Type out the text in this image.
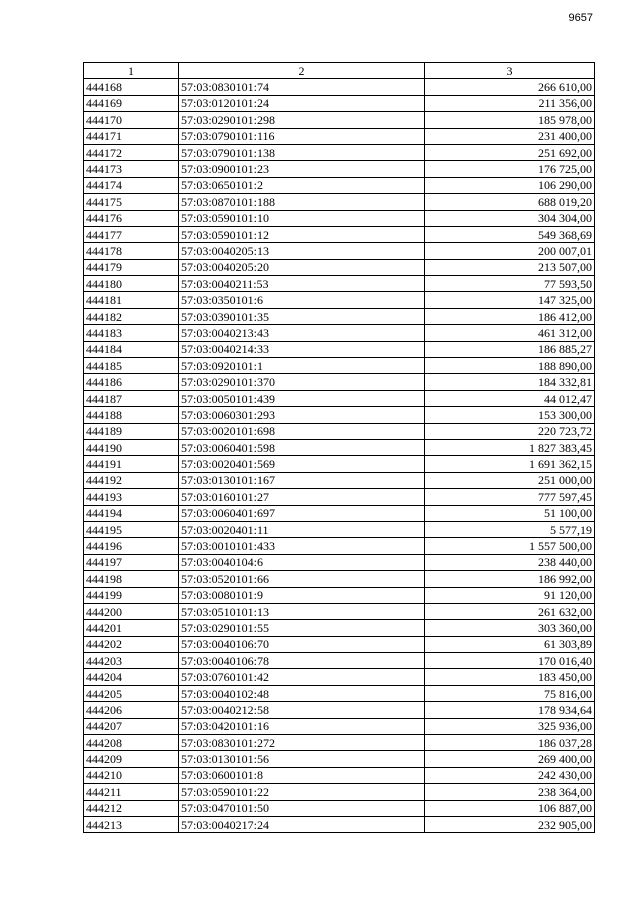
9657
1	2	3
444168	57:03:0830101:74	266 610,00
444169	57:03:0120101:24	211 356,00
444170	57:03:0290101:298	185 978,00
444171	57:03:0790101:116	231 400,00
444172	57:03:0790101:138	251 692,00
444173	57:03:0900101:23	176 725,00
444174	57:03:0650101:2	106 290,00
444175	57:03:0870101:188	688 019,20
444176	57:03:0590101:10	304 304,00
444177	57:03:0590101:12	549 368,69
444178	57:03:0040205:13	200 007,01
444179	57:03:0040205:20	213 507,00
444180	57:03:0040211:53	77 593,50
444181	57:03:0350101:6	147 325,00
444182	57:03:0390101:35	186 412,00
444183	57:03:0040213:43	461 312,00
444184	57:03:0040214:33	186 885,27
444185	57:03:0920101:1	188 890,00
444186	57:03:0290101:370	184 332,81
444187	57:03:0050101:439	44 012,47
444188	57:03:0060301:293	153 300,00
444189	57:03:0020101:698	220 723,72
444190	57:03:0060401:598	1 827 383,45
444191	57:03:0020401:569	1 691 362,15
444192	57:03:0130101:167	251 000,00
444193	57:03:0160101:27	777 597,45
444194	57:03:0060401:697	51 100,00
444195	57:03:0020401:11	5 577,19
444196	57:03:0010101:433	1 557 500,00
444197	57:03:0040104:6	238 440,00
444198	57:03:0520101:66	186 992,00
444199	57:03:0080101:9	91 120,00
444200	57:03:0510101:13	261 632,00
444201	57:03:0290101:55	303 360,00
444202	57:03:0040106:70	61 303,89
444203	57:03:0040106:78	170 016,40
444204	57:03:0760101:42	183 450,00
444205	57:03:0040102:48	75 816,00
444206	57:03:0040212:58	178 934,64
444207	57:03:0420101:16	325 936,00
444208	57:03:0830101:272	186 037,28
444209	57:03:0130101:56	269 400,00
444210	57:03:0600101:8	242 430,00
444211	57:03:0590101:22	238 364,00
444212	57:03:0470101:50	106 887,00
444213	57:03:0040217:24	232 905,00
